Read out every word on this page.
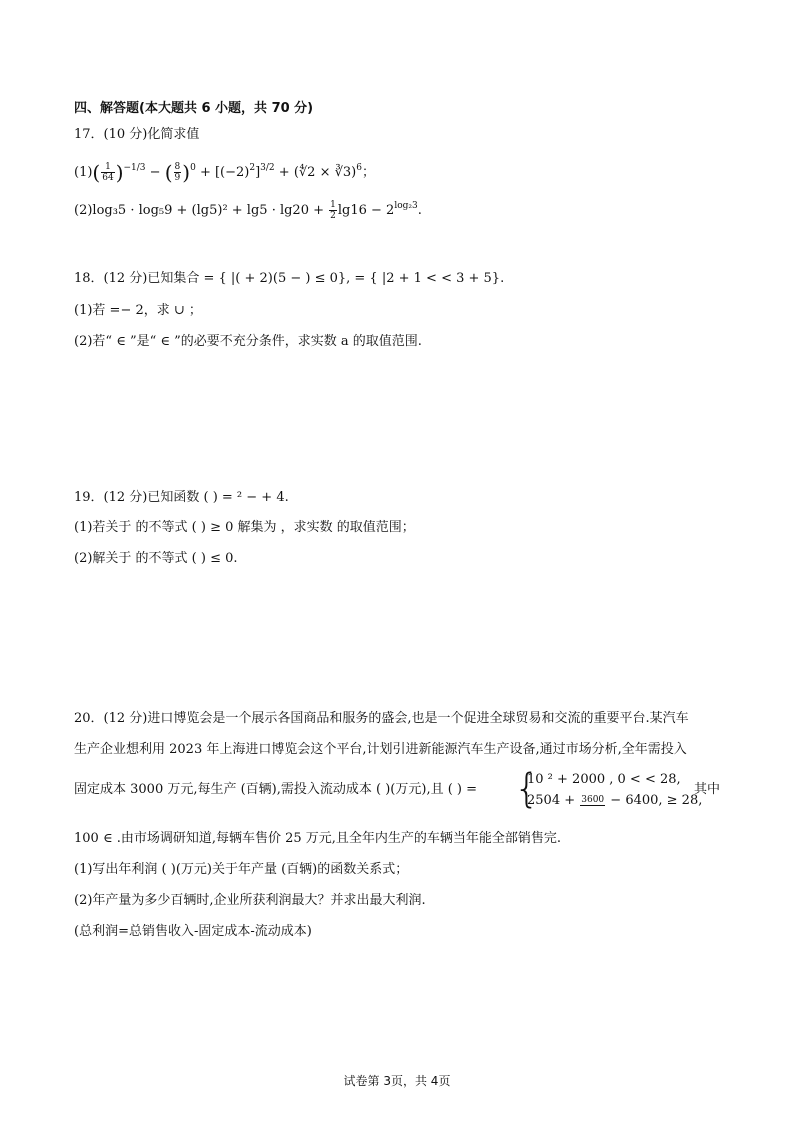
四、解答题(本大题共 6 小题，共 70 分)
17．(10 分)化简求值
$(1)( \frac{1}{64} )^{-1/3}$ − ( $\frac{8}{9} )^0 + [(-2)^2]^{3/2}$ + (∜2 × ∛3)$^6$；
$(2)\log_35 \cdot \log_59 + (\lg 5)^2 + \lg 5 \cdot \lg 20 + \frac{1}{2} \lg 16 - 2^{log_23}$.
18．(12 分)已知集合 = { |( + 2)(5 − ) ≤ 0}, = { |2 + 1 < < 3 + 5}.
(1)若 =− 2，求 ∪ ；
(2)若“ ∈ ”是“ ∈ ”的必要不充分条件，求实数 a 的取值范围.
19．(12 分)已知函数 ( ) = ² − + 4.
(1)若关于 的不等式 ( ) ≥ 0 解集为 ，求实数 的取值范围；
(2)解关于 的不等式 ( ) ≤ 0.
20．(12 分)进口博览会是一个展示各国商品和服务的盛会,也是一个促进全球贸易和交流的重要平台.某汽车
生产企业想利用 2023 年上海进口博览会这个平台,计划引进新能源汽车生产设备,通过市场分析,全年需投入
固定成本 3000 万元,每生产 (百辆),需投入流动成本 ( )(万元),且 ( ) = {
10 ² + 2000 , 0 < < 28,
2504 + 3600 − 6400, ≥ 28,
其中
100 ∈ .由市场调研知道,每辆车售价 25 万元,且全年内生产的车辆当年能全部销售完.
(1)写出年利润 ( )(万元)关于年产量 (百辆)的函数关系式；
(2)年产量为多少百辆时,企业所获利润最大？并求出最大利润.
(总利润=总销售收入-固定成本-流动成本)
试卷第 3页，共 4页
